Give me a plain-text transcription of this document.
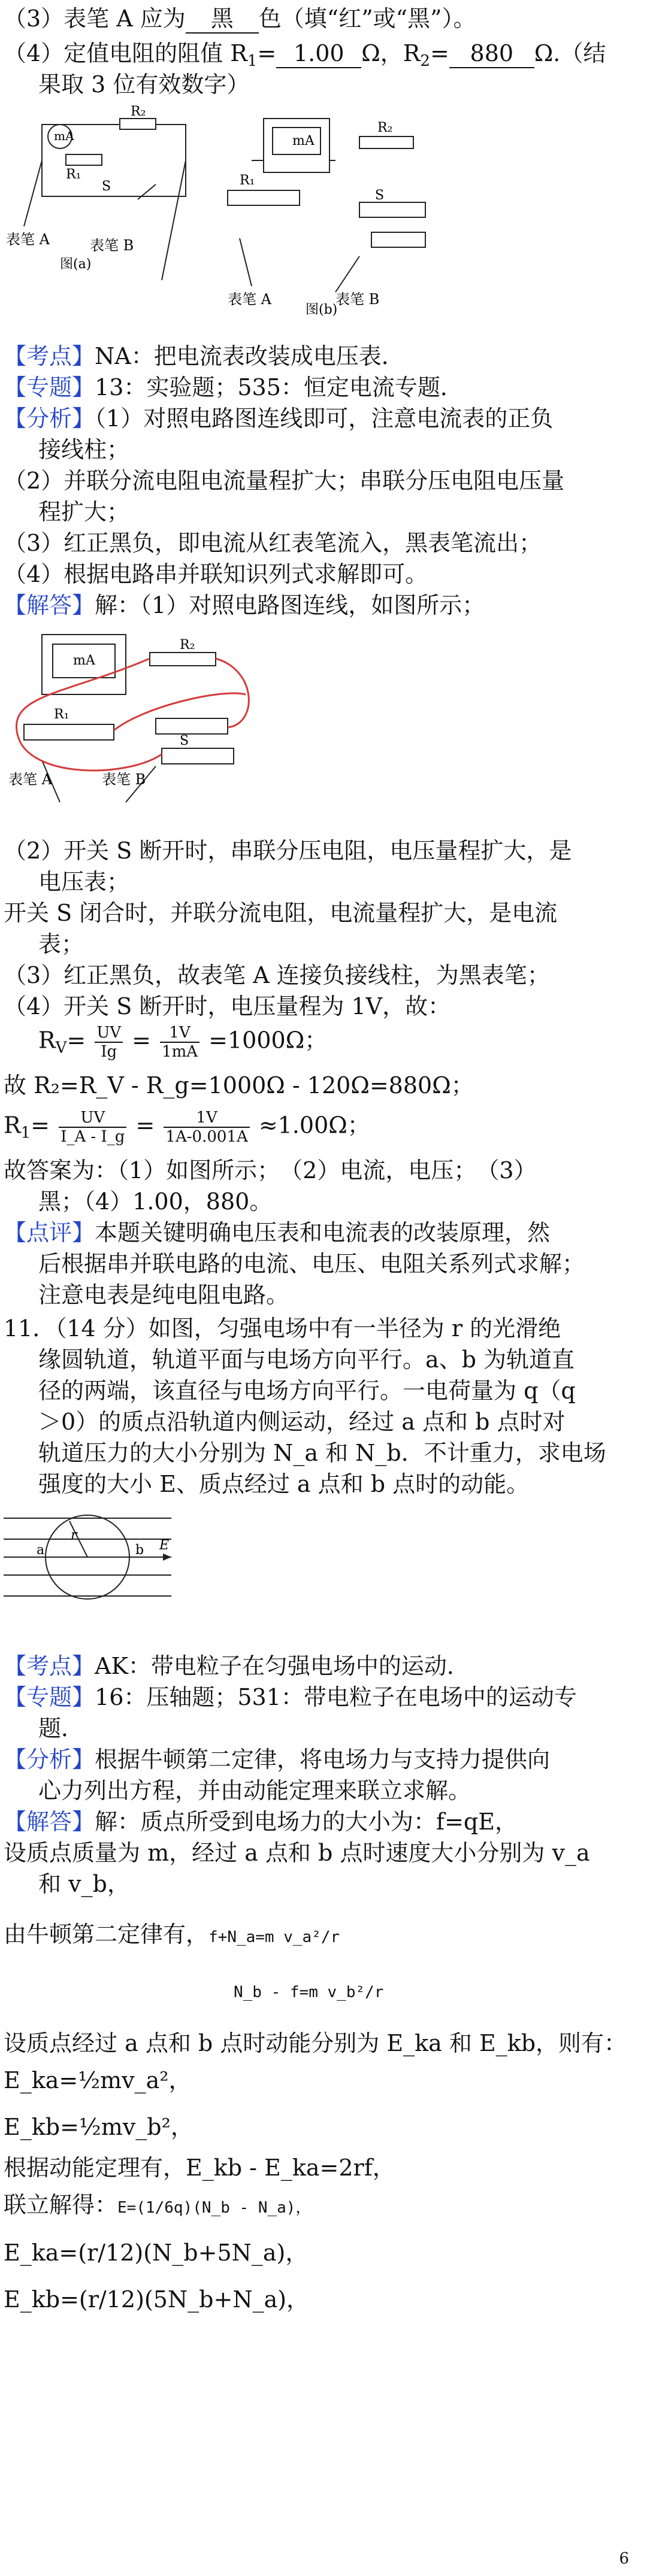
（3）表笔 A 应为 黑 色（填“红”或“黑”）。
（4）定值电阻的阻值 $R_1= 1.00$ Ω，$R_2= 880$ Ω.（结
果取 3 位有效数字）
mA	mA
R₂
R₁
S
R₂
R₁
S
表笔 A	表笔 B
图(a)
表笔 A	表笔 B
图(b)
【考点】NA：把电流表改装成电压表．
【专题】13：实验题；535：恒定电流专题．
【分析】（1）对照电路图连线即可，注意电流表的正负
接线柱；
（2）并联分流电阻电流量程扩大；串联分压电阻电压量
程扩大；
（3）红正黑负，即电流从红表笔流入，黑表笔流出；
（4）根据电路串并联知识列式求解即可。
【解答】解：（1）对照电路图连线，如图所示；
mA
R₂
R₁
S
表笔 A	表笔 B
（2）开关 S 断开时，串联分压电阻，电压量程扩大，是
电压表；
开关 S 闭合时，并联分流电阻，电流量程扩大，是电流
表；
（3）红正黑负，故表笔 A 连接负接线柱，为黑表笔；
（4）开关 S 断开时，电压量程为 1V，故：
$R_V= \frac{UV}{Ig} = \frac{1V}{1mA} =1000\Omega$；
故 R₂=R_V - R_g=1000Ω - 120Ω=880Ω；
$R_1= \frac{UV}{I\_A - I\_g} = \frac{1V}{1A-0.001A} \approx 1.00\Omega$；
故答案为：（1）如图所示；　（2）电流，电压；　（3）
黑；（4）1.00，880。
【点评】本题关键明确电压表和电流表的改装原理，然
后根据串并联电路的电流、电压、电阻关系列式求解；
注意电表是纯电阻电路。
11．（14 分）如图，匀强电场中有一半径为 r 的光滑绝
缘圆轨道，轨道平面与电场方向平行。a、b 为轨道直
径的两端，该直径与电场方向平行。一电荷量为 q（q
＞0）的质点沿轨道内侧运动，经过 a 点和 b 点时对
轨道压力的大小分别为 N_a 和 N_b．不计重力，求电场
强度的大小 E、质点经过 a 点和 b 点时的动能。
E
a	b
r
【考点】AK：带电粒子在匀强电场中的运动．
【专题】16：压轴题；531：带电粒子在电场中的运动专
题．
【分析】根据牛顿第二定律，将电场力与支持力提供向
心力列出方程，并由动能定理来联立求解。
【解答】解：质点所受到电场力的大小为：f=qE，
设质点质量为 m，经过 a 点和 b 点时速度大小分别为 v_a
和 v_b，
由牛顿第二定律有，f+N_a=m v_a²/r
N_b - f=m v_b²/r
设质点经过 a 点和 b 点时动能分别为 E_ka 和 E_kb，则有：
E_ka=½mv_a²，
E_kb=½mv_b²，
根据动能定理有，E_kb - E_ka=2rf，
联立解得：E=(1/6q)(N_b - N_a)，
E_ka=(r/12)(N_b+5N_a)，
E_kb=(r/12)(5N_b+N_a)，
6
